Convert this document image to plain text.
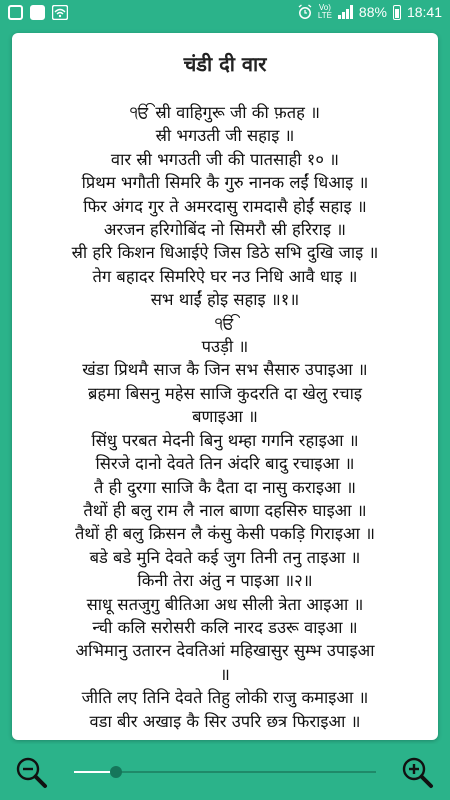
Vo)
LTE 88% 18:41
चंडी दी वार
ੴ स्री वाहिगुरू जी की फ़तह ॥
स्री भगउती जी सहाइ ॥
वार स्री भगउती जी की पातसाही १० ॥
प्रिथम भगौती सिमरि कै गुरु नानक लईं धिआइ ॥
फिर अंगद गुर ते अमरदासु रामदासै होईं सहाइ ॥
अरजन हरिगोबिंद नो सिमरौ स्री हरिराइ ॥
स्री हरि किशन धिआईऐ जिस डिठे सभि दुखि जाइ ॥
तेग बहादर सिमरिऐ घर नउ निधि आवै धाइ ॥
सभ थाईं होइ सहाइ ॥१॥
ੴ
पउड़ी ॥
खंडा प्रिथमै साज कै जिन सभ सैसारु उपाइआ ॥
ब्रहमा बिसनु महेस साजि कुदरति दा खेलु रचाइ
बणाइआ ॥
सिंधु परबत मेदनी बिनु थम्हा गगनि रहाइआ ॥
सिरजे दानो देवते तिन अंदरि बादु रचाइआ ॥
तै ही दुरगा साजि कै दैता दा नासु कराइआ ॥
तैथों ही बलु राम लै नाल बाणा दहसिरु घाइआ ॥
तैथों ही बलु क्रिसन लै कंसु केसी पकड़ि गिराइआ ॥
बडे बडे मुनि देवते कई जुग तिनी तनु ताइआ ॥
किनी तेरा अंतु न पाइआ ॥२॥
साधू सतजुगु बीतिआ अध सीली त्रेता आइआ ॥
न्ची कलि सरोसरी कलि नारद डउरू वाइआ ॥
अभिमानु उतारन देवतिआं महिखासुर सुम्भ उपाइआ
॥
जीति लए तिनि देवते तिहु लोकी राजु कमाइआ ॥
वडा बीर अखाइ कै सिर उपरि छत्र फिराइआ ॥
